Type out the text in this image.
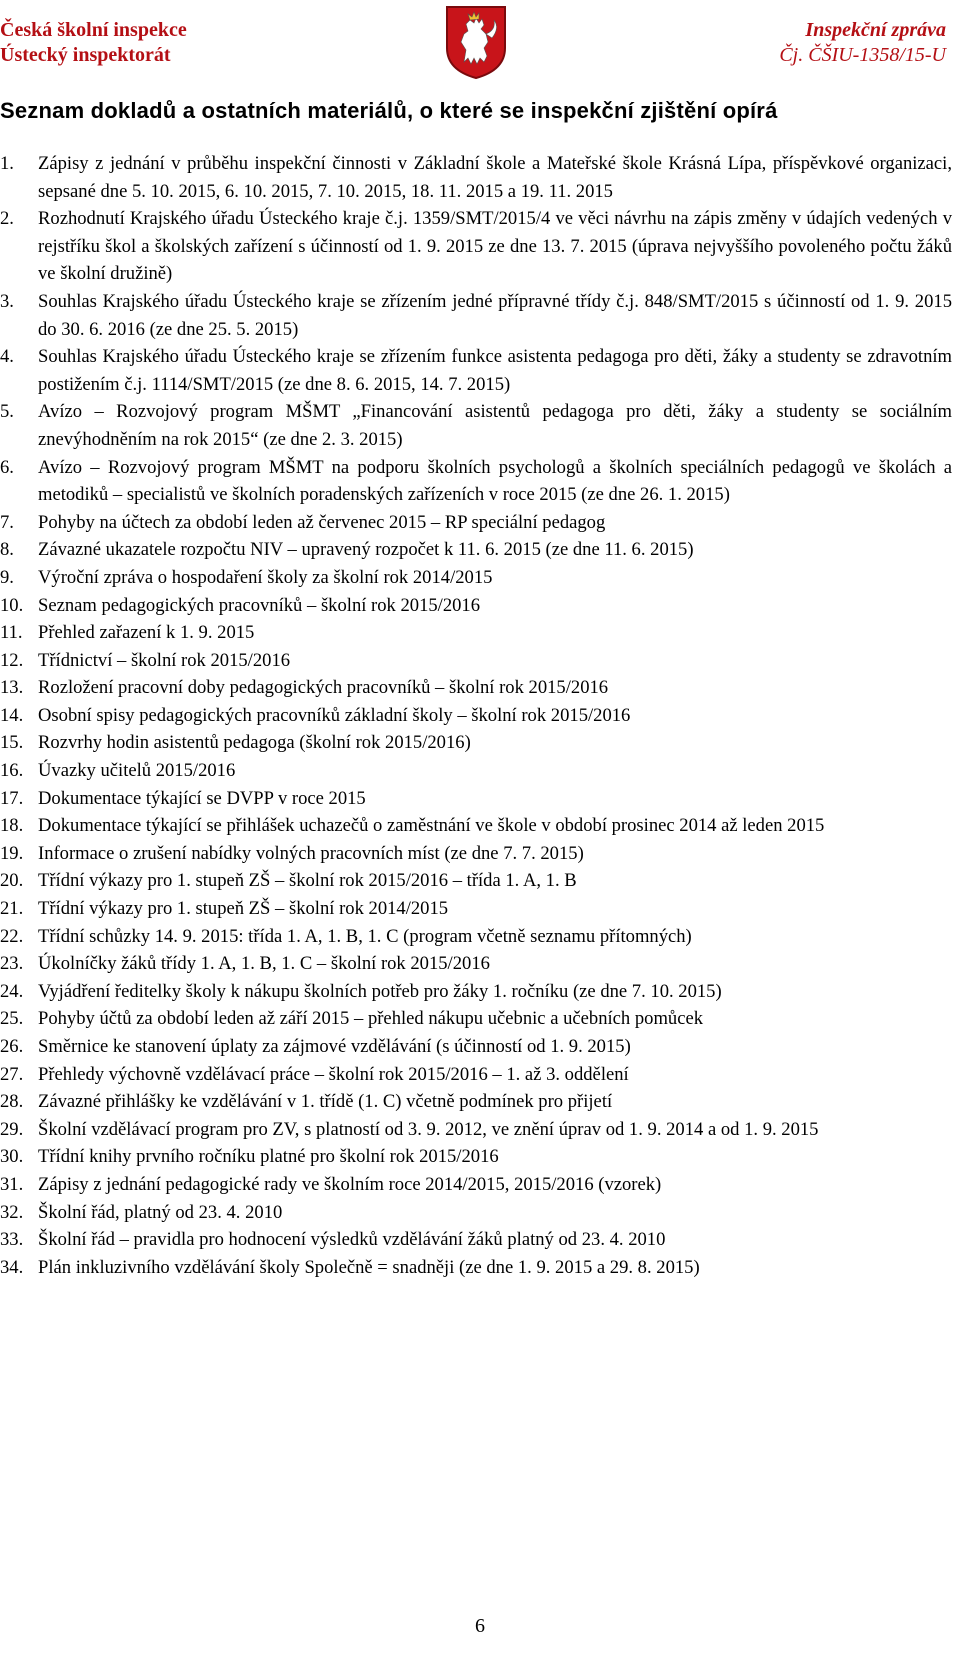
Česká školní inspekce
Ústecký inspektorát
Inspekční zpráva
Čj. ČŠIU-1358/15-U
Seznam dokladů a ostatních materiálů, o které se inspekční zjištění opírá
1.	Zápisy z jednání v průběhu inspekční činnosti v Základní škole a Mateřské škole Krásná Lípa, příspěvkové organizaci, sepsané dne 5. 10. 2015, 6. 10. 2015, 7. 10. 2015, 18. 11. 2015 a 19. 11. 2015
2.	Rozhodnutí Krajského úřadu Ústeckého kraje č.j. 1359/SMT/2015/4 ve věci návrhu na zápis změny v údajích vedených v rejstříku škol a školských zařízení s účinností od 1. 9. 2015 ze dne 13. 7. 2015 (úprava nejvyššího povoleného počtu žáků ve školní družině)
3.	Souhlas Krajského úřadu Ústeckého kraje se zřízením jedné přípravné třídy č.j. 848/SMT/2015 s účinností od 1. 9. 2015 do 30. 6. 2016 (ze dne 25. 5. 2015)
4.	Souhlas Krajského úřadu Ústeckého kraje se zřízením funkce asistenta pedagoga pro děti, žáky a studenty se zdravotním postižením č.j. 1114/SMT/2015 (ze dne 8. 6. 2015, 14. 7. 2015)
5.	Avízo – Rozvojový program MŠMT „Financování asistentů pedagoga pro děti, žáky a studenty se sociálním znevýhodněním na rok 2015“ (ze dne 2. 3. 2015)
6.	Avízo – Rozvojový program MŠMT na podporu školních psychologů a školních speciálních pedagogů ve školách a metodiků – specialistů ve školních poradenských zařízeních v roce 2015 (ze dne 26. 1. 2015)
7.	Pohyby na účtech za období leden až červenec 2015 – RP speciální pedagog
8.	Závazné ukazatele rozpočtu NIV – upravený rozpočet k 11. 6. 2015 (ze dne 11. 6. 2015)
9.	Výroční zpráva o hospodaření školy za školní rok 2014/2015
10. Seznam pedagogických pracovníků – školní rok 2015/2016
11. Přehled zařazení k 1. 9. 2015
12. Třídnictví – školní rok 2015/2016
13. Rozložení pracovní doby pedagogických pracovníků – školní rok 2015/2016
14. Osobní spisy pedagogických pracovníků základní školy – školní rok 2015/2016
15. Rozvrhy hodin asistentů pedagoga (školní rok 2015/2016)
16. Úvazky učitelů 2015/2016
17. Dokumentace týkající se DVPP v roce 2015
18. Dokumentace týkající se přihlášek uchazečů o zaměstnání ve škole v období prosinec 2014 až leden 2015
19. Informace o zrušení nabídky volných pracovních míst (ze dne 7. 7. 2015)
20. Třídní výkazy pro 1. stupeň ZŠ – školní rok 2015/2016 – třída 1. A, 1. B
21. Třídní výkazy pro 1. stupeň ZŠ – školní rok 2014/2015
22. Třídní schůzky 14. 9. 2015: třída 1. A, 1. B, 1. C (program včetně seznamu přítomných)
23. Úkolníčky žáků třídy 1. A, 1. B, 1. C – školní rok 2015/2016
24. Vyjádření ředitelky školy k nákupu školních potřeb pro žáky 1. ročníku (ze dne 7. 10. 2015)
25. Pohyby účtů za období leden až září 2015 – přehled nákupu učebnic a učebních pomůcek
26. Směrnice ke stanovení úplaty za zájmové vzdělávání (s účinností od 1. 9. 2015)
27. Přehledy výchovně vzdělávací práce – školní rok 2015/2016 – 1. až 3. oddělení
28. Závazné přihlášky ke vzdělávání v 1. třídě (1. C) včetně podmínek pro přijetí
29. Školní vzdělávací program pro ZV, s platností od 3. 9. 2012, ve znění úprav od 1. 9. 2014 a od 1. 9. 2015
30. Třídní knihy prvního ročníku platné pro školní rok 2015/2016
31. Zápisy z jednání pedagogické rady ve školním roce 2014/2015, 2015/2016 (vzorek)
32. Školní řád, platný od 23. 4. 2010
33. Školní řád – pravidla pro hodnocení výsledků vzdělávání žáků platný od 23. 4. 2010
34. Plán inkluzivního vzdělávání školy Společně = snadněji (ze dne 1. 9. 2015 a 29. 8. 2015)
6
